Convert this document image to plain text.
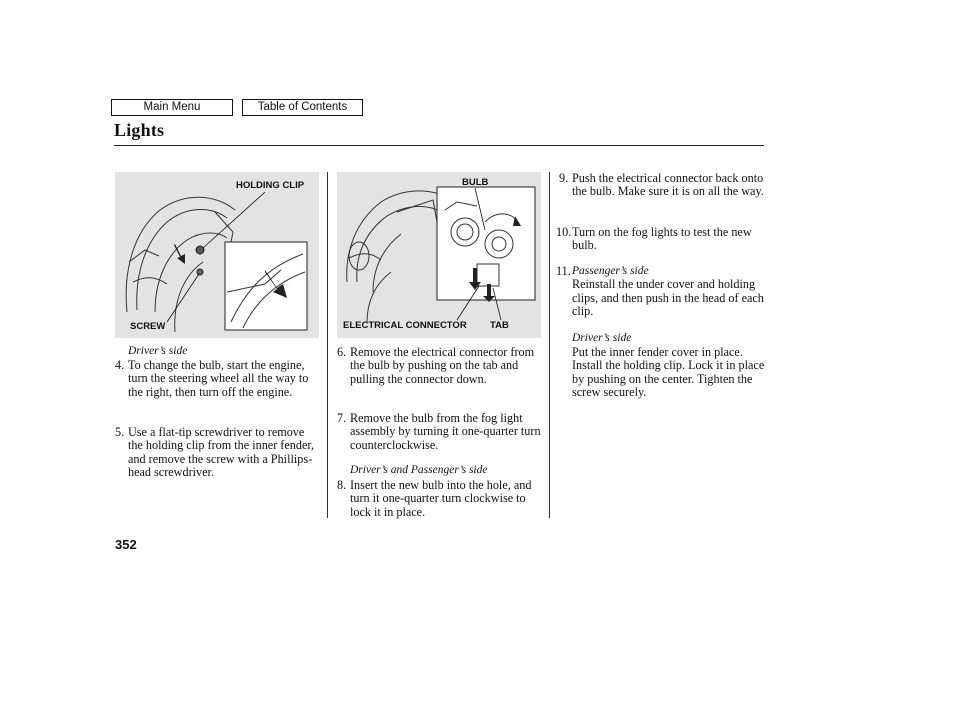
Main Menu	Table of Contents
Lights
HOLDING CLIP
SCREW
BULB
ELECTRICAL CONNECTOR TAB
Driver’s side
4. To change the bulb, start the engine, turn the steering wheel all the way to the right, then turn off the engine.
5. Use a flat-tip screwdriver to remove the holding clip from the inner fender, and remove the screw with a Phillips-head screwdriver.
6. Remove the electrical connector from the bulb by pushing on the tab and pulling the connector down.
7. Remove the bulb from the fog light assembly by turning it one-quarter turn counterclockwise.
Driver’s and Passenger’s side
8. Insert the new bulb into the hole, and turn it one-quarter turn clockwise to lock it in place.
9. Push the electrical connector back onto the bulb. Make sure it is on all the way.
10. Turn on the fog lights to test the new bulb.
11. Passenger’s side
Reinstall the under cover and holding clips, and then push in the head of each clip.
Driver’s side
Put the inner fender cover in place. Install the holding clip. Lock it in place by pushing on the center. Tighten the screw securely.
352
